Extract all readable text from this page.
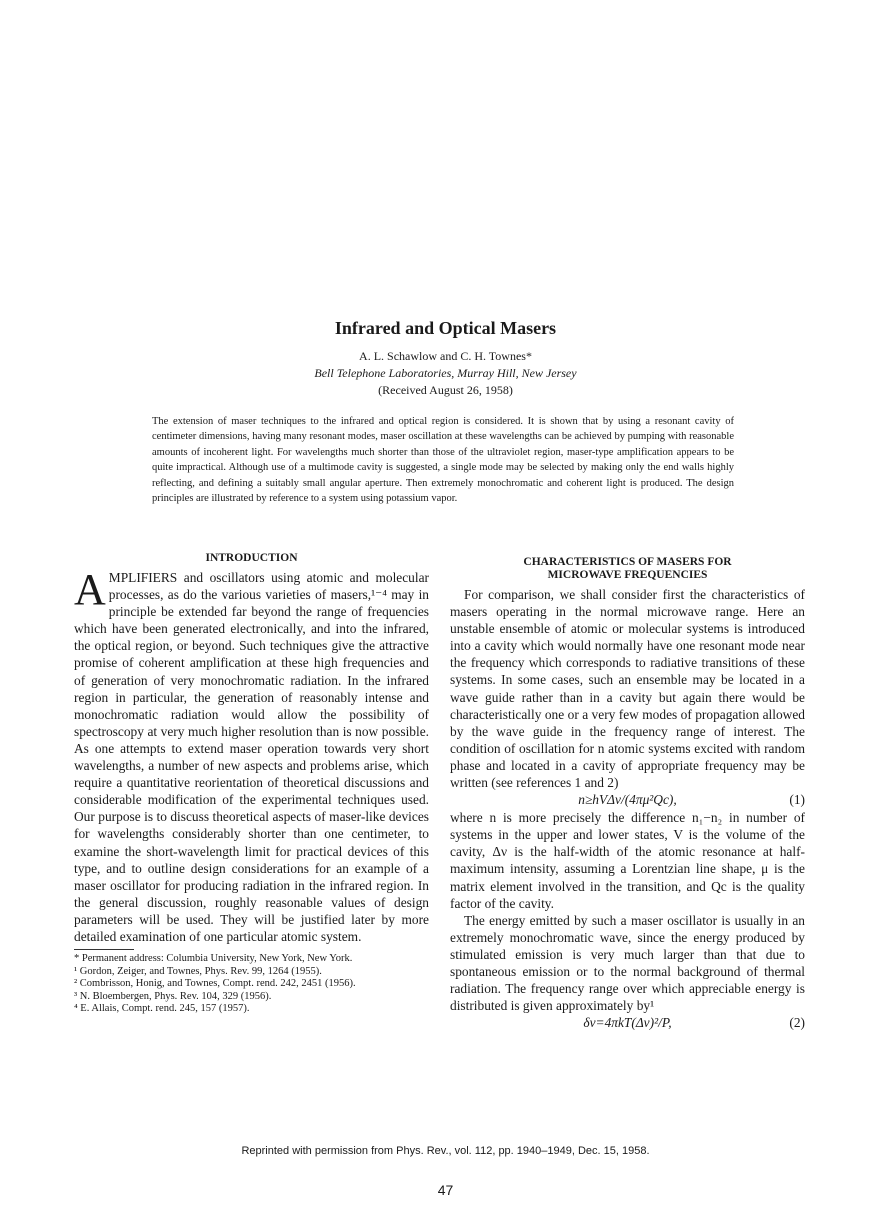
Infrared and Optical Masers
A. L. Schawlow and C. H. Townes*
Bell Telephone Laboratories, Murray Hill, New Jersey
(Received August 26, 1958)

The extension of maser techniques to the infrared and optical region is considered. It is shown that by using a resonant cavity of centimeter dimensions, having many resonant modes, maser oscillation at these wavelengths can be achieved by pumping with reasonable amounts of incoherent light. For wavelengths much shorter than those of the ultraviolet region, maser-type amplification appears to be quite impractical. Although use of a multimode cavity is suggested, a single mode may be selected by making only the end walls highly reflecting, and defining a suitably small angular aperture. Then extremely monochromatic and coherent light is produced. The design principles are illustrated by reference to a system using potassium vapor.

INTRODUCTION

A MPLIFIERS and oscillators using atomic and molecular processes, as do the various varieties of masers,¹⁻⁴ may in principle be extended far beyond the range of frequencies which have been generated electronically, and into the infrared, the optical region, or beyond. Such techniques give the attractive promise of coherent amplification at these high frequencies and of generation of very monochromatic radiation. In the infrared region in particular, the generation of reasonably intense and monochromatic radiation would allow the possibility of spectroscopy at very much higher resolution than is now possible. As one attempts to extend maser operation towards very short wavelengths, a number of new aspects and problems arise, which require a quantitative reorientation of theoretical discussions and considerable modification of the experimental techniques used. Our purpose is to discuss theoretical aspects of maser-like devices for wavelengths considerably shorter than one centimeter, to examine the short-wavelength limit for practical devices of this type, and to outline design considerations for an example of a maser oscillator for producing radiation in the infrared region. In the general discussion, roughly reasonable values of design parameters will be used. They will be justified later by more detailed examination of one particular atomic system.

* Permanent address: Columbia University, New York, New York.
¹ Gordon, Zeiger, and Townes, Phys. Rev. 99, 1264 (1955).
² Combrisson, Honig, and Townes, Compt. rend. 242, 2451 (1956).
³ N. Bloembergen, Phys. Rev. 104, 329 (1956).
⁴ E. Allais, Compt. rend. 245, 157 (1957).
CHARACTERISTICS OF MASERS FOR
MICROWAVE FREQUENCIES

For comparison, we shall consider first the characteristics of masers operating in the normal microwave range. Here an unstable ensemble of atomic or molecular systems is introduced into a cavity which would normally have one resonant mode near the frequency which corresponds to radiative transitions of these systems. In some cases, such an ensemble may be located in a wave guide rather than in a cavity but again there would be characteristically one or a very few modes of propagation allowed by the wave guide in the frequency range of interest. The condition of oscillation for n atomic systems excited with random phase and located in a cavity of appropriate frequency may be written (see references 1 and 2)

n≥hVΔν/(4πμ²Qc),	(1)

where n is more precisely the difference n₁−n₂ in number of systems in the upper and lower states, V is the volume of the cavity, Δν is the half-width of the atomic resonance at half-maximum intensity, assuming a Lorentzian line shape, μ is the matrix element involved in the transition, and Qc is the quality factor of the cavity.

The energy emitted by such a maser oscillator is usually in an extremely monochromatic wave, since the energy produced by stimulated emission is very much larger than that due to spontaneous emission or to the normal background of thermal radiation. The frequency range over which appreciable energy is distributed is given approximately by¹

δν=4πkT(Δν)²/P,	(2)
Reprinted with permission from Phys. Rev., vol. 112, pp. 1940–1949, Dec. 15, 1958.
47
